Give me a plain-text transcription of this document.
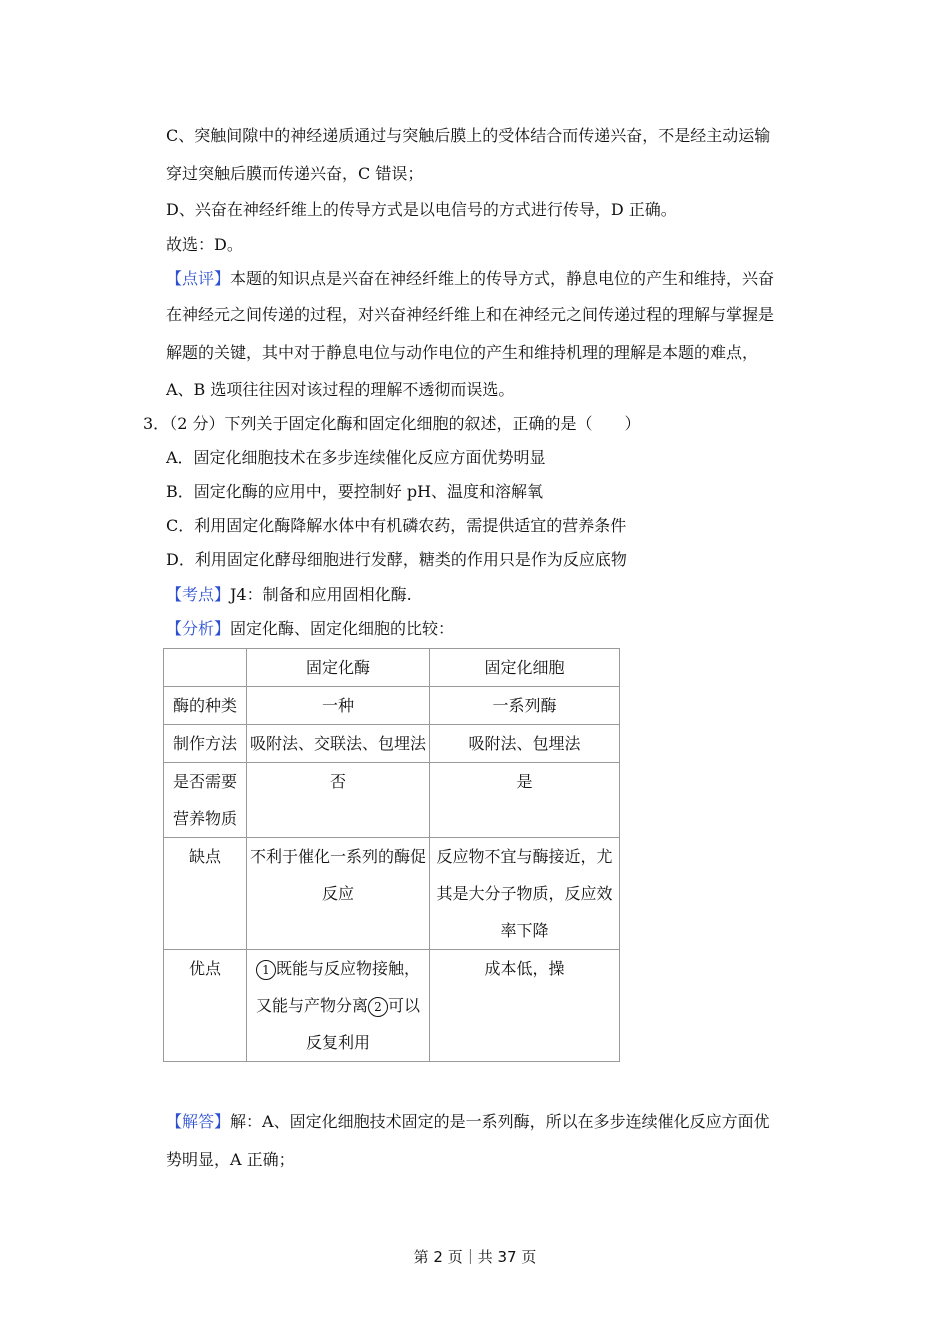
C、突触间隙中的神经递质通过与突触后膜上的受体结合而传递兴奋，不是经主动运输
穿过突触后膜而传递兴奋，C 错误；
D、兴奋在神经纤维上的传导方式是以电信号的方式进行传导，D 正确。
故选：D。
【点评】本题的知识点是兴奋在神经纤维上的传导方式，静息电位的产生和维持，兴奋
在神经元之间传递的过程，对兴奋神经纤维上和在神经元之间传递过程的理解与掌握是
解题的关键，其中对于静息电位与动作电位的产生和维持机理的理解是本题的难点，
A、B 选项往往因对该过程的理解不透彻而误选。
3．（2 分）下列关于固定化酶和固定化细胞的叙述，正确的是（　　）
A．固定化细胞技术在多步连续催化反应方面优势明显
B．固定化酶的应用中，要控制好 pH、温度和溶解氧
C．利用固定化酶降解水体中有机磷农药，需提供适宜的营养条件
D．利用固定化酵母细胞进行发酵，糖类的作用只是作为反应底物
【考点】J4：制备和应用固相化酶.
【分析】固定化酶、固定化细胞的比较：
	固定化酶	固定化细胞
酶的种类	一种	一系列酶
制作方法	吸附法、交联法、包埋法	吸附法、包埋法
是否需要营养物质	否	是
缺点	不利于催化一系列的酶促反应	反应物不宜与酶接近，尤其是大分子物质，反应效率下降
优点	1 既能与反应物接触，又能与产物分离 2 可以反复利用	成本低，操
【解答】解：A、固定化细胞技术固定的是一系列酶，所以在多步连续催化反应方面优
势明显，A 正确；
第 2 页｜共 37 页
